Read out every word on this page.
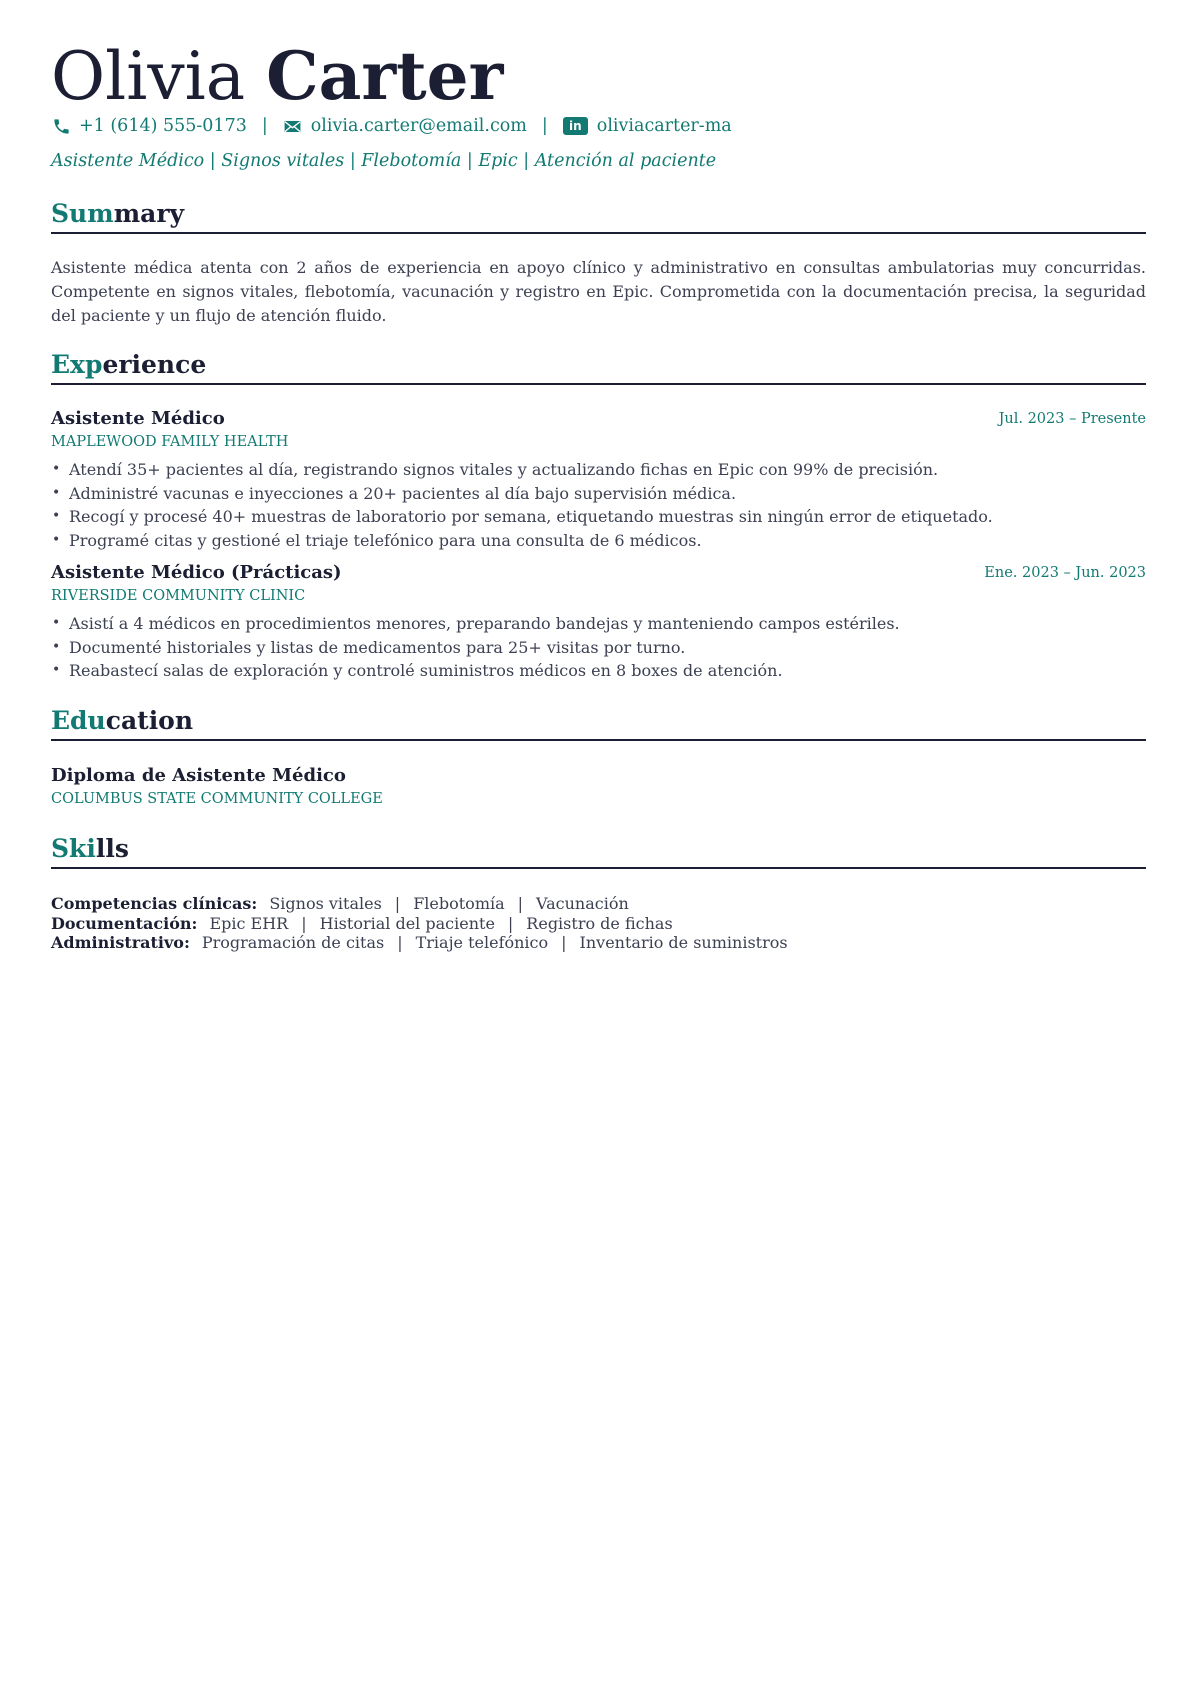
Olivia Carter
+1 (614) 555-0173 | olivia.carter@email.com |	in oliviacarter-ma
Asistente Médico | Signos vitales | Flebotomía | Epic | Atención al paciente
Summary

Asistente médica atenta con 2 años de experiencia en apoyo clínico y administrativo en consultas ambulatorias muy concurridas. Competente en signos vitales, flebotomía, vacunación y registro en Epic. Comprometida con la documentación precisa, la seguridad del paciente y un flujo de atención fluido.

Experience
Asistente Médico	Jul. 2023 – Presente
MAPLEWOOD FAMILY HEALTH
• Atendí 35+ pacientes al día, registrando signos vitales y actualizando fichas en Epic con 99% de precisión.
• Administré vacunas e inyecciones a 20+ pacientes al día bajo supervisión médica.
• Recogí y procesé 40+ muestras de laboratorio por semana, etiquetando muestras sin ningún error de etiquetado.
• Programé citas y gestioné el triaje telefónico para una consulta de 6 médicos.
Asistente Médico (Prácticas)	Ene. 2023 – Jun. 2023
RIVERSIDE COMMUNITY CLINIC
• Asistí a 4 médicos en procedimientos menores, preparando bandejas y manteniendo campos estériles.
• Documenté historiales y listas de medicamentos para 25+ visitas por turno.
• Reabastecí salas de exploración y controlé suministros médicos en 8 boxes de atención.
Education
Diploma de Asistente Médico
COLUMBUS STATE COMMUNITY COLLEGE
Skills
Competencias clínicas: Signos vitales | Flebotomía | Vacunación
Documentación: Epic EHR | Historial del paciente | Registro de fichas
Administrativo: Programación de citas | Triaje telefónico | Inventario de suministros
